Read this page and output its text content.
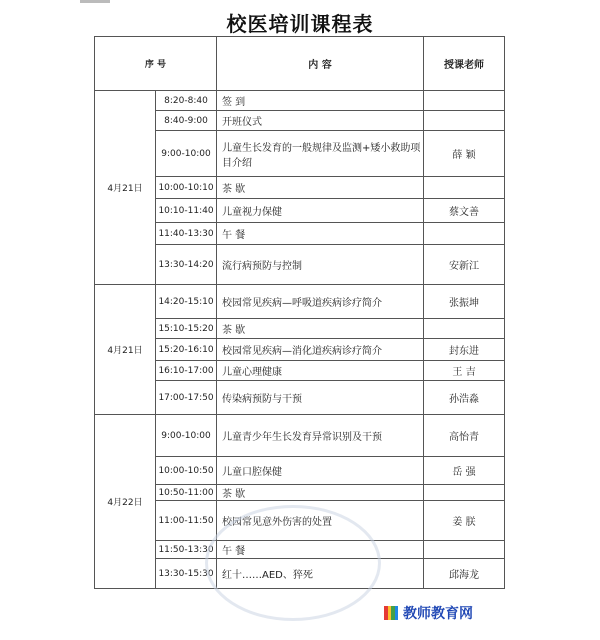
校医培训课程表
序 号		内 容	授课老师
4月21日	8:20-8:40	签 到	
	8:40-9:00	开班仪式	
	9:00-10:00	儿童生长发育的一般规律及监测+矮小救助项目介绍	薛 颖
	10:00-10:10	茶 歇	
	10:10-11:40	儿童视力保健	蔡文善
	11:40-13:30	午 餐	
	13:30-14:20	流行病预防与控制	安新江
4月21日	14:20-15:10	校园常见疾病—呼吸道疾病诊疗简介	张振坤
	15:10-15:20	茶 歇	
	15:20-16:10	校园常见疾病—消化道疾病诊疗简介	封东进
	16:10-17:00	儿童心理健康	王 吉
	17:00-17:50	传染病预防与干预	孙浩淼
4月22日	9:00-10:00	儿童青少年生长发育异常识别及干预	高怡青
	10:00-10:50	儿童口腔保健	岳 强
	10:50-11:00	茶 歇	
	11:00-11:50	校园常见意外伤害的处置	姜 朕
	11:50-13:30	午 餐	
	13:30-15:30	红十……AED、猝死	邱海龙
教师教育网
